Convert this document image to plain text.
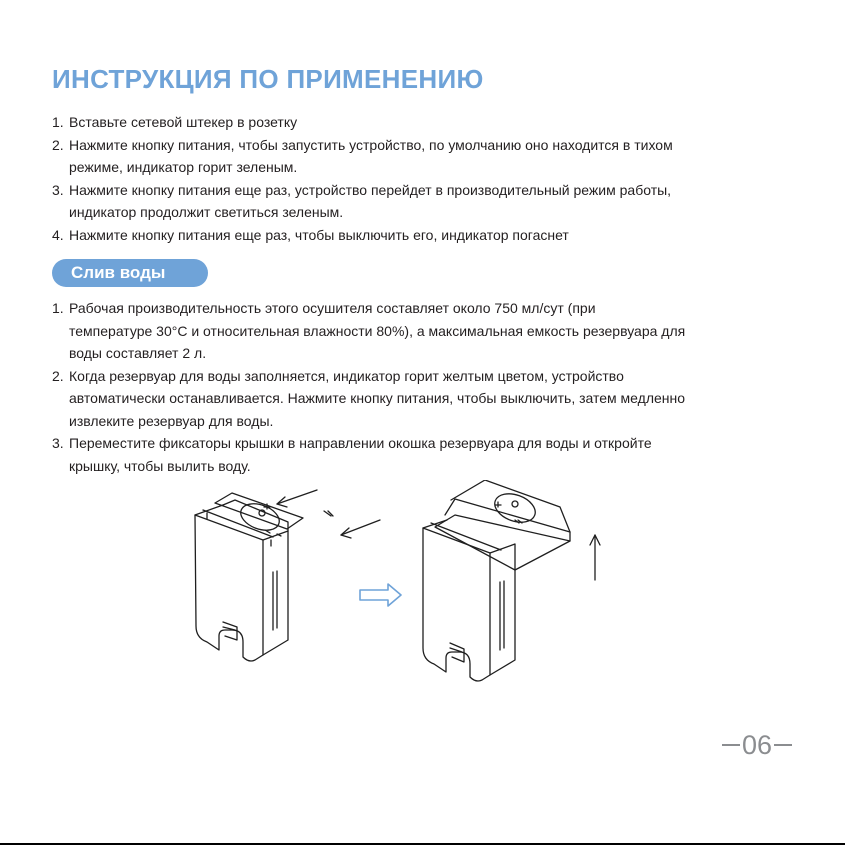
ИНСТРУКЦИЯ ПО ПРИМЕНЕНИЮ
1. Вставьте сетевой штекер в розетку
2. Нажмите кнопку питания, чтобы запустить устройство, по умолчанию оно находится в тихом
режиме, индикатор горит зеленым.
3. Нажмите кнопку питания еще раз, устройство перейдет в производительный режим работы,
индикатор продолжит светиться зеленым.
4. Нажмите кнопку питания еще раз, чтобы выключить его, индикатор погаснет
Слив воды
1. Рабочая производительность этого осушителя составляет около 750 мл/сут (при
температуре 30°C и относительная влажности 80%), а максимальная емкость резервуара для
воды составляет 2 л.
2. Когда резервуар для воды заполняется, индикатор горит желтым цветом, устройство
автоматически останавливается. Нажмите кнопку питания, чтобы выключить, затем медленно
извлеките резервуар для воды.
3. Переместите фиксаторы крышки в направлении окошка резервуара для воды и откройте
крышку, чтобы вылить воду.
06
